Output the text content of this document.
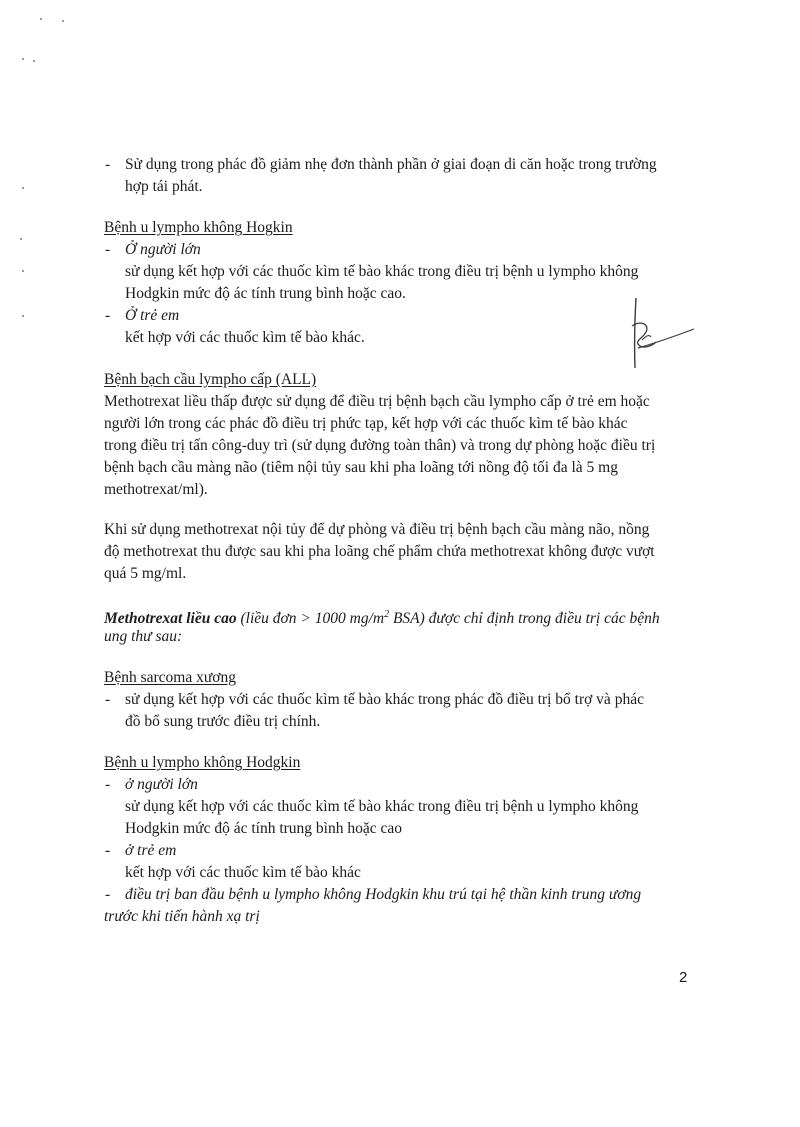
- Sử dụng trong phác đồ giảm nhẹ đơn thành phần ở giai đoạn di căn hoặc trong trường
hợp tái phát.
Bệnh u lympho không Hogkin
- Ở người lớn
sử dụng kết hợp với các thuốc kìm tế bào khác trong điều trị bệnh u lympho không
Hodgkin mức độ ác tính trung bình hoặc cao.
- Ở trẻ em
kết hợp với các thuốc kìm tế bào khác.
Bệnh bạch cầu lympho cấp (ALL)
Methotrexat liều thấp được sử dụng để điều trị bệnh bạch cầu lympho cấp ở trẻ em hoặc
người lớn trong các phác đồ điều trị phức tạp, kết hợp với các thuốc kìm tế bào khác
trong điều trị tấn công-duy trì (sử dụng đường toàn thân) và trong dự phòng hoặc điều trị
bệnh bạch cầu màng não (tiêm nội tủy sau khi pha loãng tới nồng độ tối đa là 5 mg
methotrexat/ml).
Khi sử dụng methotrexat nội tủy để dự phòng và điều trị bệnh bạch cầu màng não, nồng
độ methotrexat thu được sau khi pha loãng chế phẩm chứa methotrexat không được vượt
quá 5 mg/ml.
Methotrexat liều cao (liều đơn > 1000 $mg/m^2$ BSA) được chỉ định trong điều trị các bệnh
ung thư sau:
Bệnh sarcoma xương
- sử dụng kết hợp với các thuốc kìm tế bào khác trong phác đồ điều trị bổ trợ và phác
đồ bổ sung trước điều trị chính.
Bệnh u lympho không Hodgkin
- ở người lớn
sử dụng kết hợp với các thuốc kìm tế bào khác trong điều trị bệnh u lympho không
Hodgkin mức độ ác tính trung bình hoặc cao
- ở trẻ em
kết hợp với các thuốc kìm tế bào khác
- điều trị ban đầu bệnh u lympho không Hodgkin khu trú tại hệ thần kinh trung ương
trước khi tiến hành xạ trị
2
